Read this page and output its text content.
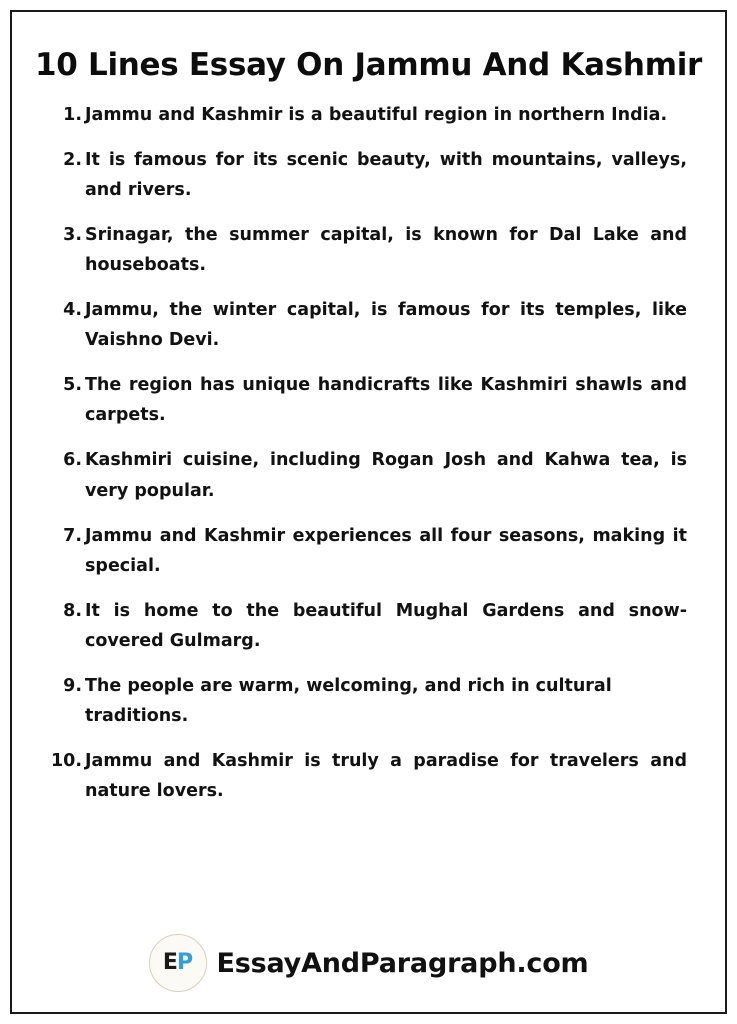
10 Lines Essay On Jammu And Kashmir
1. Jammu and Kashmir is a beautiful region in northern India.
2. It is famous for its scenic beauty, with mountains, valleys, and rivers.
3. Srinagar, the summer capital, is known for Dal Lake and houseboats.
4. Jammu, the winter capital, is famous for its temples, like Vaishno Devi.
5. The region has unique handicrafts like Kashmiri shawls and carpets.
6. Kashmiri cuisine, including Rogan Josh and Kahwa tea, is very popular.
7. Jammu and Kashmir experiences all four seasons, making it special.
8. It is home to the beautiful Mughal Gardens and snow-covered Gulmarg.
9. The people are warm, welcoming, and rich in cultural traditions.
10. Jammu and Kashmir is truly a paradise for travelers and nature lovers.
EP EssayAndParagraph.com
